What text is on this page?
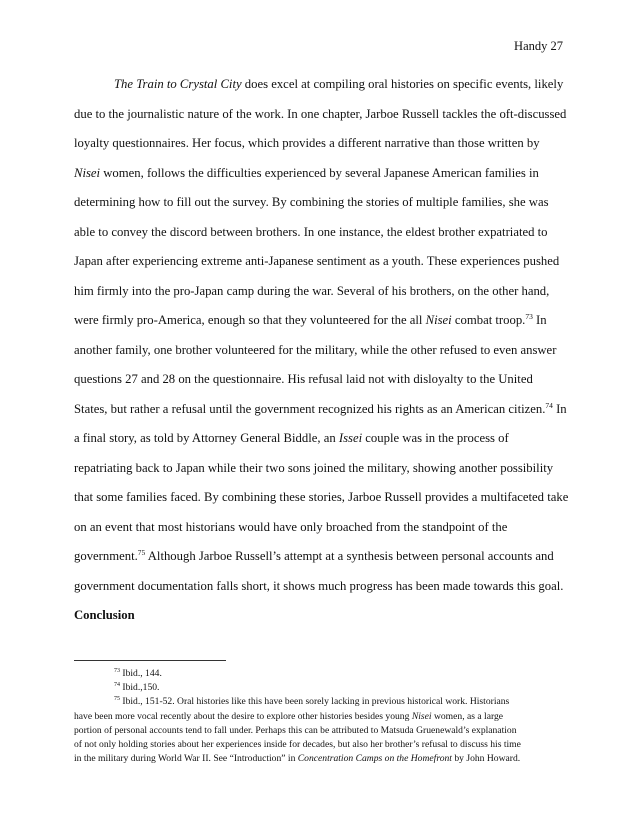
Handy 27
The Train to Crystal City does excel at compiling oral histories on specific events, likely
due to the journalistic nature of the work. In one chapter, Jarboe Russell tackles the oft-discussed
loyalty questionnaires. Her focus, which provides a different narrative than those written by
Nisei women, follows the difficulties experienced by several Japanese American families in
determining how to fill out the survey. By combining the stories of multiple families, she was
able to convey the discord between brothers. In one instance, the eldest brother expatriated to
Japan after experiencing extreme anti-Japanese sentiment as a youth. These experiences pushed
him firmly into the pro-Japan camp during the war. Several of his brothers, on the other hand,
were firmly pro-America, enough so that they volunteered for the all Nisei combat troop.$^{73}$ In
another family, one brother volunteered for the military, while the other refused to even answer
questions 27 and 28 on the questionnaire. His refusal laid not with disloyalty to the United
States, but rather a refusal until the government recognized his rights as an American citizen.$^{74}$ In
a final story, as told by Attorney General Biddle, an Issei couple was in the process of
repatriating back to Japan while their two sons joined the military, showing another possibility
that some families faced. By combining these stories, Jarboe Russell provides a multifaceted take
on an event that most historians would have only broached from the standpoint of the
government.$^{75}$ Although Jarboe Russell’s attempt at a synthesis between personal accounts and
government documentation falls short, it shows much progress has been made towards this goal.
Conclusion
$^{73}$ Ibid., 144.
$^{74}$ Ibid.,150.
$^{75}$ Ibid., 151-52. Oral histories like this have been sorely lacking in previous historical work. Historians
have been more vocal recently about the desire to explore other histories besides young Nisei women, as a large
portion of personal accounts tend to fall under. Perhaps this can be attributed to Matsuda Gruenewald’s explanation
of not only holding stories about her experiences inside for decades, but also her brother’s refusal to discuss his time
in the military during World War II. See “Introduction” in Concentration Camps on the Homefront by John Howard.
